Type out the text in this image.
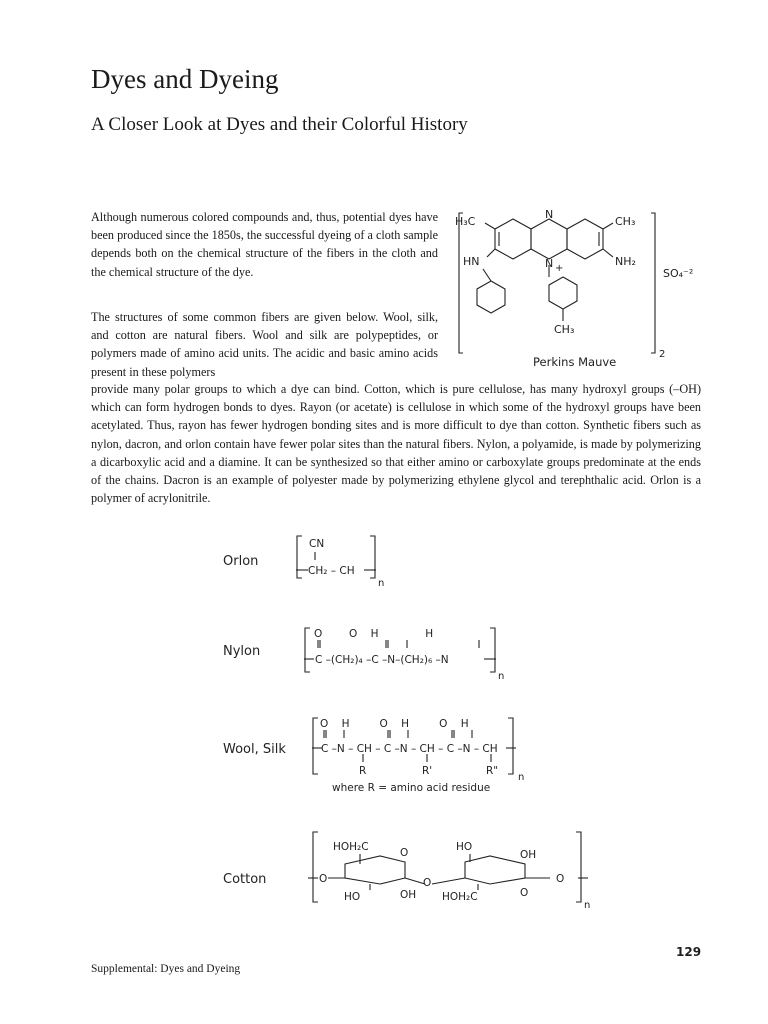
Dyes and Dyeing
A Closer Look at Dyes and their Colorful History

Although numerous colored compounds and, thus, potential dyes have been produced since the 1850s, the successful dyeing of a cloth sample depends both on the chemical structure of the fibers in the cloth and the chemical structure of the dye.

The structures of some common fibers are given below. Wool, silk, and cotton are natural fibers. Wool and silk are polypeptides, or polymers made of amino acid units. The acidic and basic amino acids present in these polymers

provide many polar groups to which a dye can bind. Cotton, which is pure cellulose, has many hydroxyl groups (–OH) which can form hydrogen bonds to dyes. Rayon (or acetate) is cellulose in which some of the hydroxyl groups have been acetylated. Thus, rayon has fewer hydrogen bonding sites and is more difficult to dye than cotton. Synthetic fibers such as nylon, dacron, and orlon contain have fewer polar sites than the natural fibers. Nylon, a polyamide, is made by polymerizing a dicarboxylic acid and a diamine. It can be synthesized so that either amino or carboxylate groups predominate at the ends of the chains. Dacron is an example of polyester made by polymerizing ethylene glycol and terephthalic acid. Orlon is a polymer of acrylonitrile.

H₃C	CH₃
N
HN	N +
NH₂
CH₃
Perkins Mauve
SO₄⁻²
2
Orlon
CN
CH₂ – CH
n
Nylon
O        O    H              H
C –(CH₂)₄ –C –N–(CH₂)₆ –N
n
Wool, Silk
O    H         O    H         O    H
C –N – CH – C –N – CH – C –N – CH
R	R'	R"
where R = amino acid residue
n
Cotton
HOH₂C	O
OH
HO
O
HO
OH
O
HOH₂C
O	O
n
129
Supplemental: Dyes and Dyeing
